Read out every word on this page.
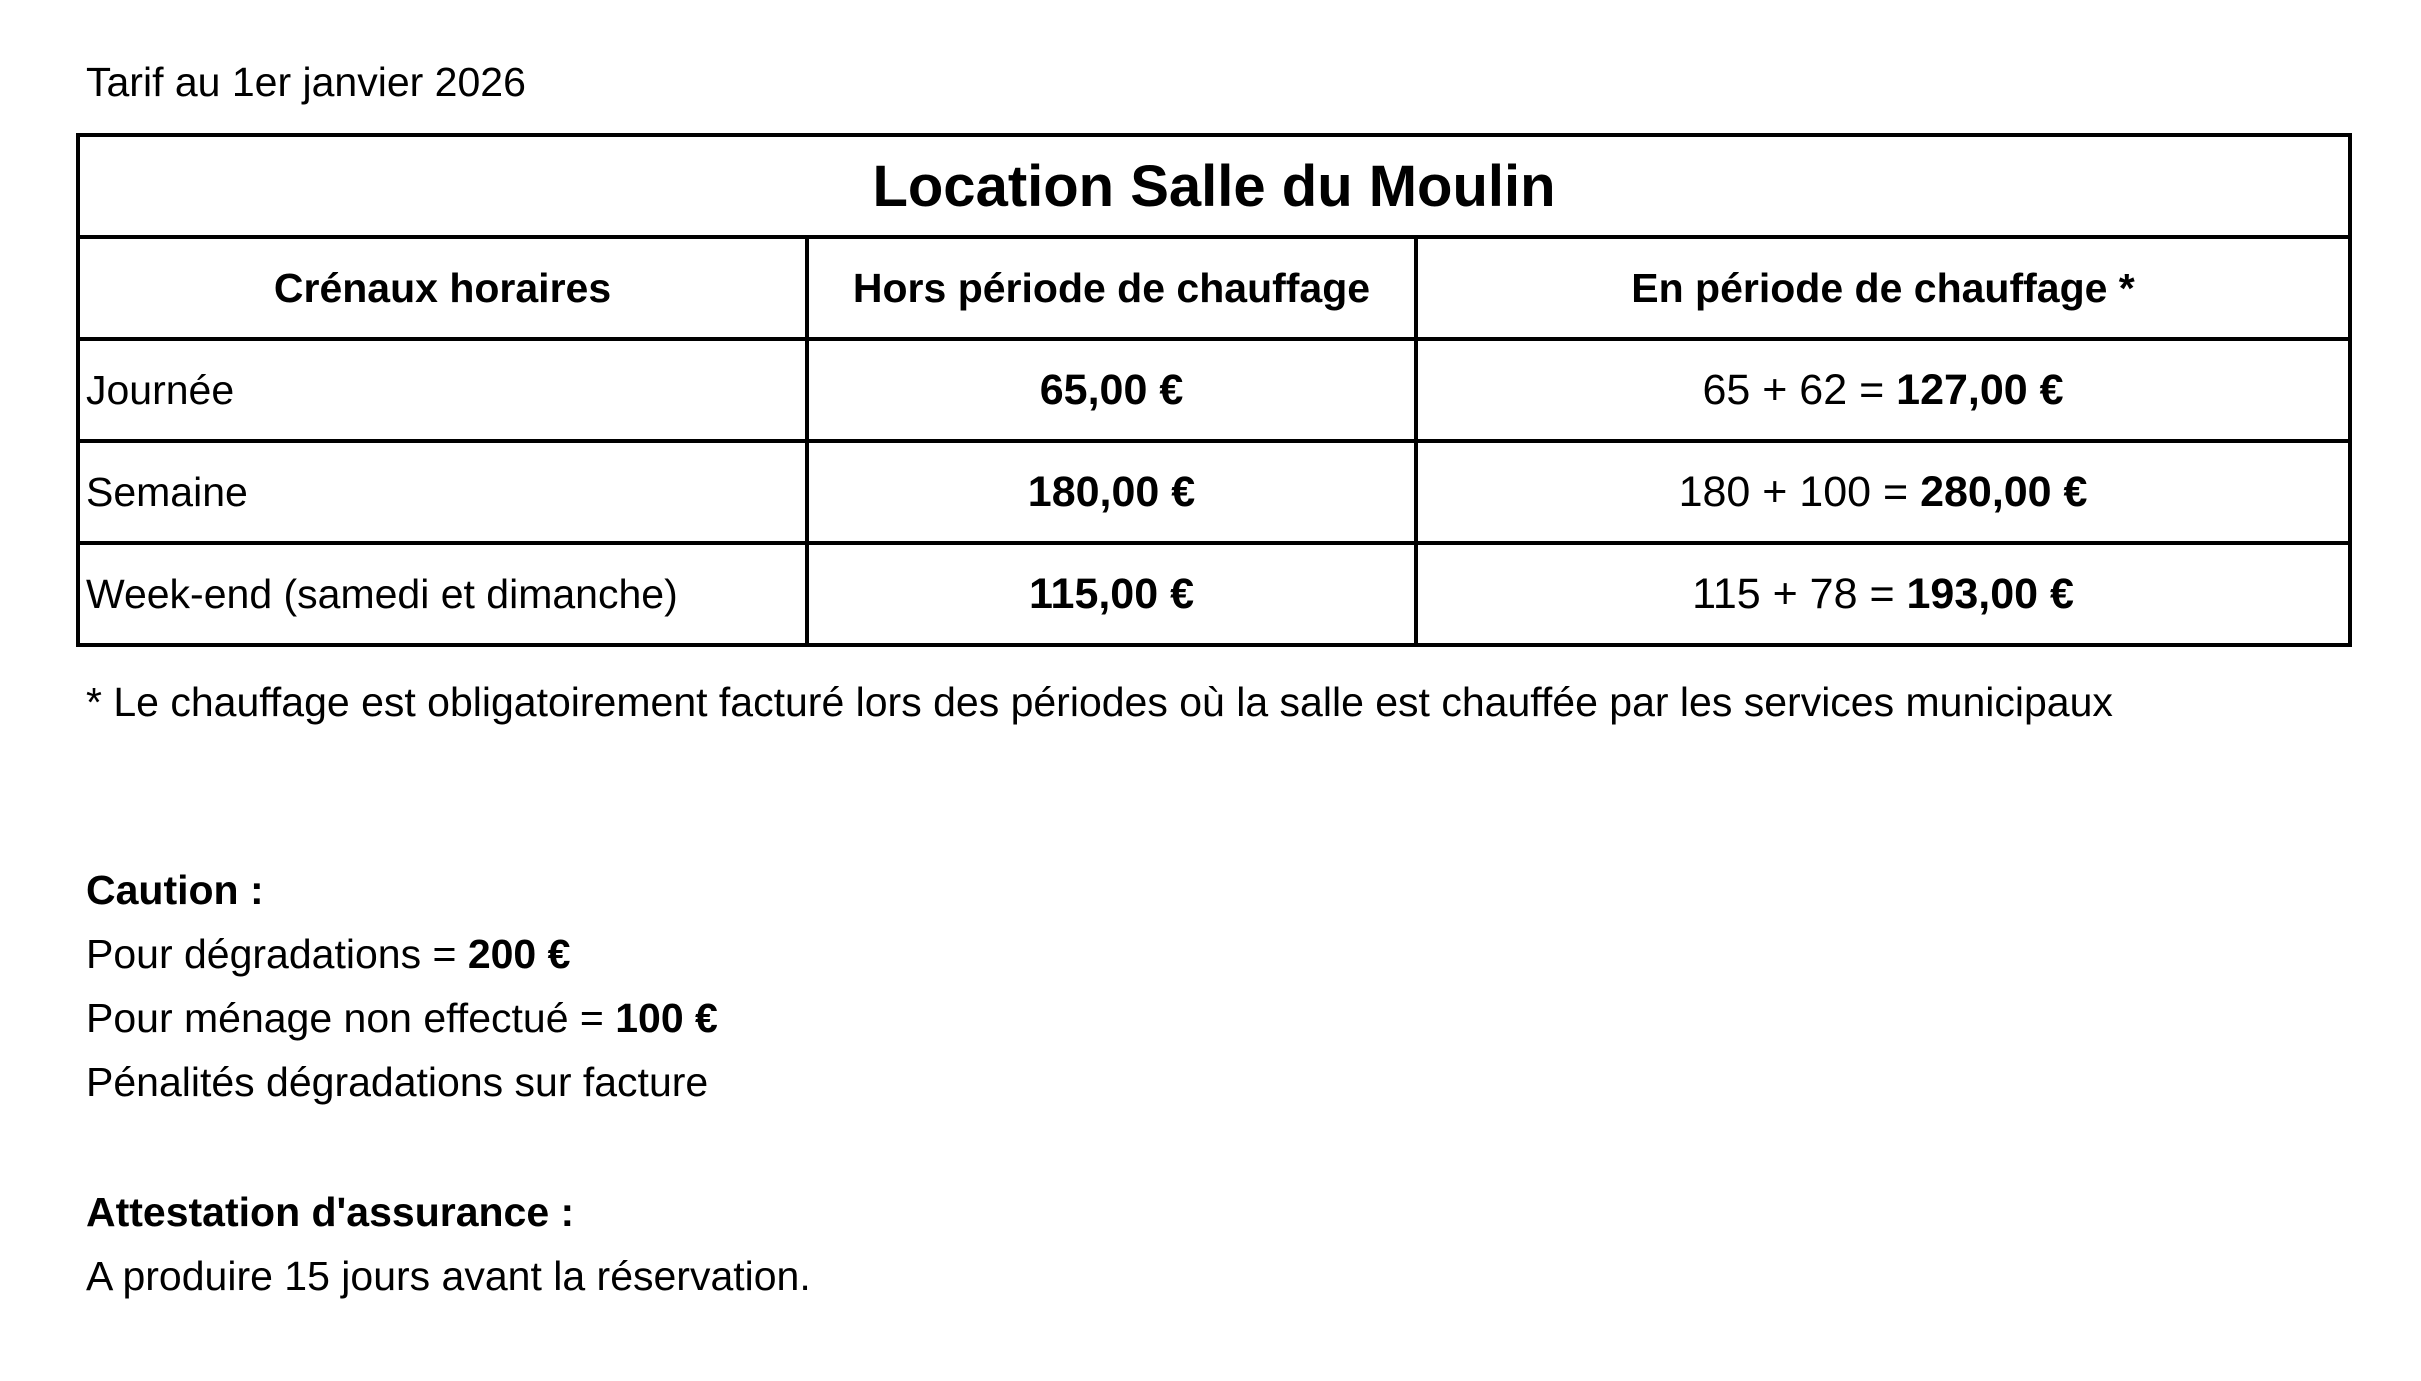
Tarif au 1er janvier 2026
Location Salle du Moulin		
Crénaux horaires	Hors période de chauffage	En période de chauffage *
Journée	65,00 €	65 + 62 = 127,00 €
Semaine	180,00 €	180 + 100 = 280,00 €
Week-end (samedi et dimanche)	115,00 €	115 + 78 = 193,00 €
* Le chauffage est obligatoirement facturé lors des périodes où la salle est chauffée par les services municipaux
Caution :
Pour dégradations = 200 €
Pour ménage non effectué = 100 €
Pénalités dégradations sur facture
Attestation d'assurance :
A produire 15 jours avant la réservation.
